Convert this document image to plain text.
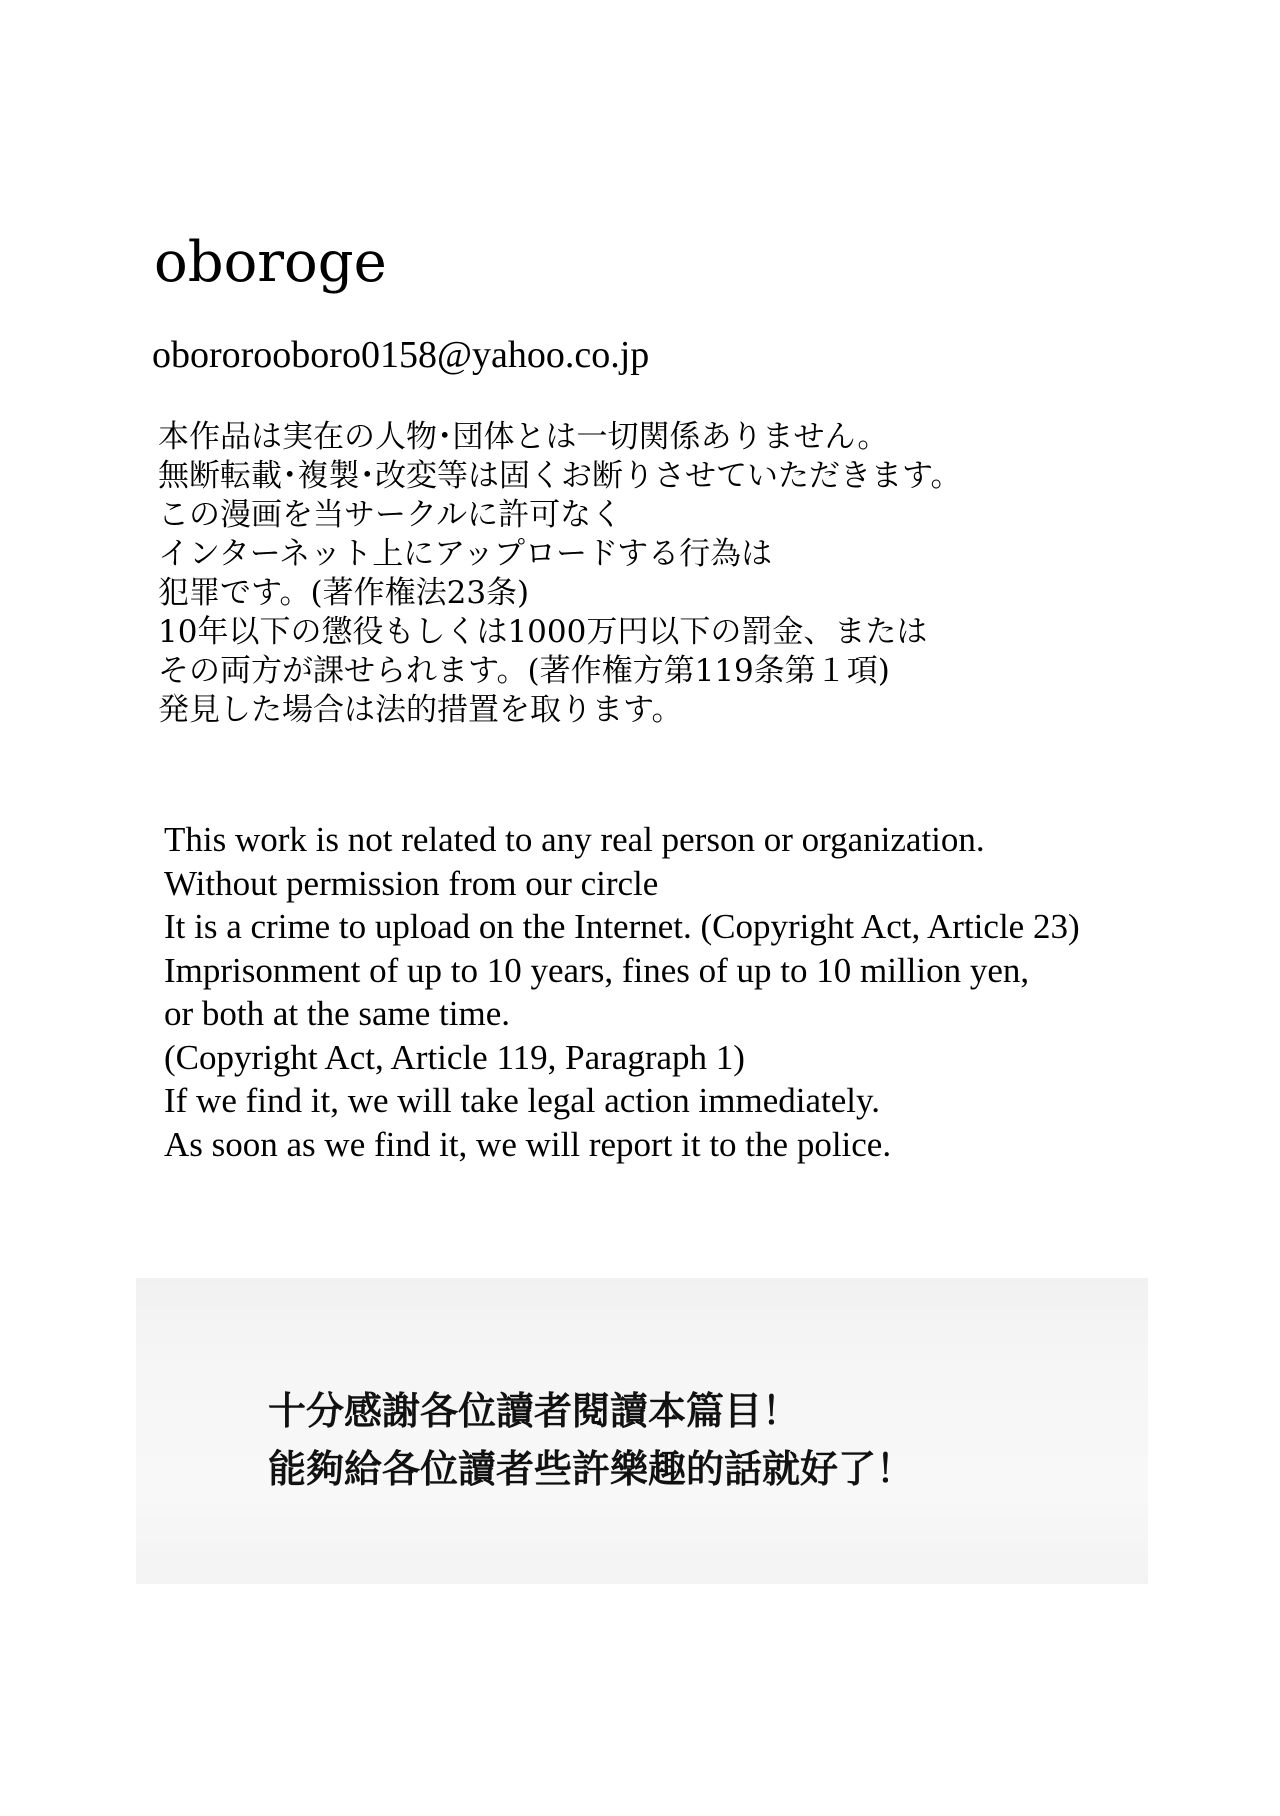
oboroge
obororooboro0158@yahoo.co.jp
本作品は実在の人物･団体とは一切関係ありません。
無断転載･複製･改変等は固くお断りさせていただきます。
この漫画を当サークルに許可なく
インターネット上にアップロードする行為は
犯罪です。(著作権法23条)
10年以下の懲役もしくは1000万円以下の罰金、または
その両方が課せられます。(著作権方第119条第１項)
発見した場合は法的措置を取ります。
This work is not related to any real person or organization.
Without permission from our circle
It is a crime to upload on the Internet. (Copyright Act, Article 23)
Imprisonment of up to 10 years, fines of up to 10 million yen,
or both at the same time.
(Copyright Act, Article 119, Paragraph 1)
If we find it, we will take legal action immediately.
As soon as we find it, we will report it to the police.
十分感謝各位讀者閱讀本篇目！
能夠給各位讀者些許樂趣的話就好了！
